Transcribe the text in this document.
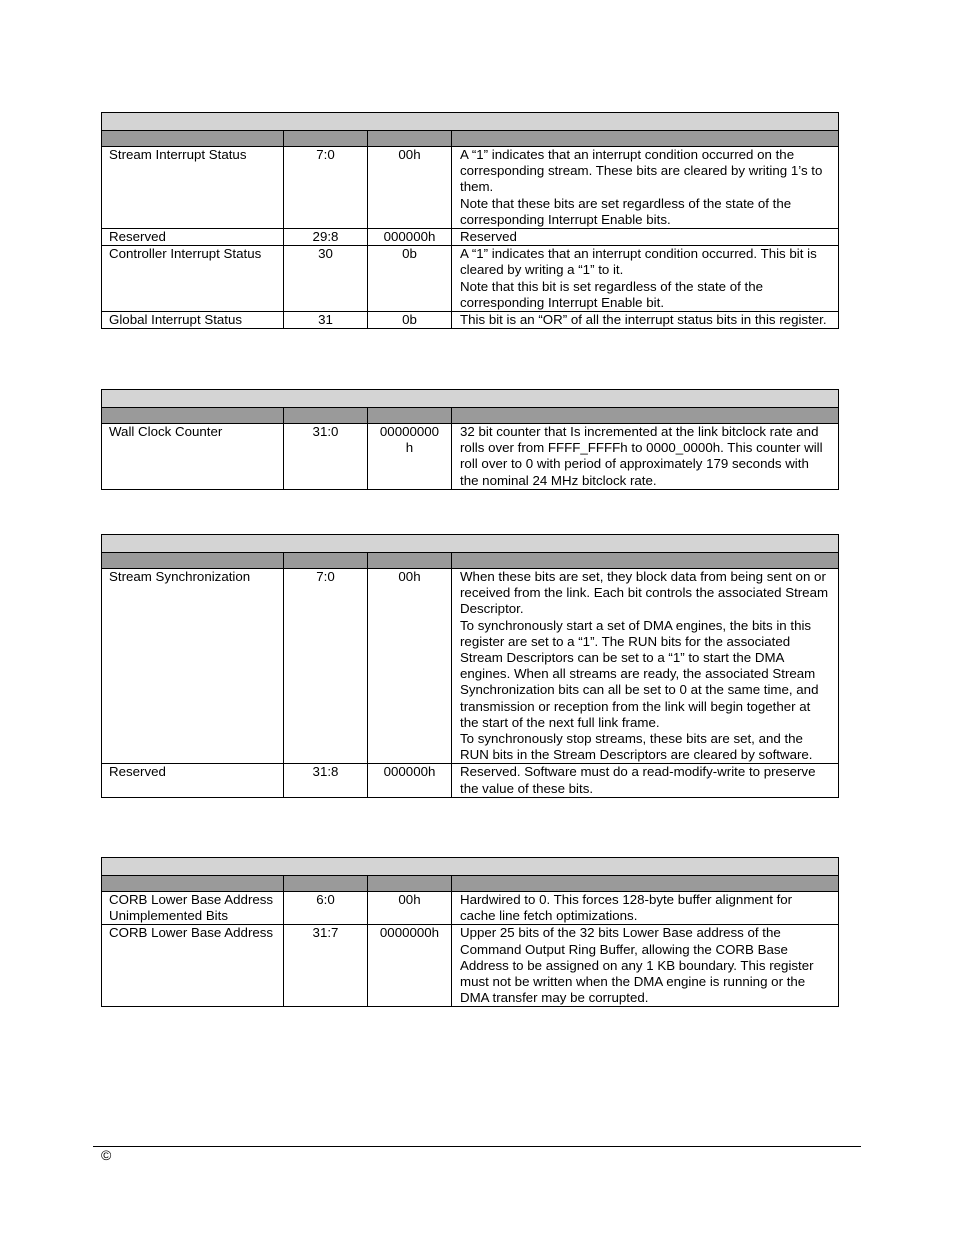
Stream Interrupt Status	7:0	00h	A “1” indicates that an interrupt condition occurred on the corresponding stream. These bits are cleared by writing 1’s to them.
Note that these bits are set regardless of the state of the corresponding Interrupt Enable bits.

Reserved	29:8	000000h	Reserved

Controller Interrupt Status	30	0b	A “1” indicates that an interrupt condition occurred. This bit is cleared by writing a “1” to it.
Note that this bit is set regardless of the state of the corresponding Interrupt Enable bit.

Global Interrupt Status	31	0b	This bit is an “OR” of all the interrupt status bits in this register.

Wall Clock Counter	31:0	00000000 h	32 bit counter that Is incremented at the link bitclock rate and rolls over from FFFF_FFFFh to 0000_0000h. This counter will roll over to 0 with period of approximately 179 seconds with the nominal 24 MHz bitclock rate.

Stream Synchronization	7:0	00h	When these bits are set, they block data from being sent on or received from the link. Each bit controls the associated Stream Descriptor.
To synchronously start a set of DMA engines, the bits in this register are set to a “1”. The RUN bits for the associated Stream Descriptors can be set to a “1” to start the DMA engines. When all streams are ready, the associated Stream Synchronization bits can all be set to 0 at the same time, and transmission or reception from the link will begin together at the start of the next full link frame.
To synchronously stop streams, these bits are set, and the RUN bits in the Stream Descriptors are cleared by software.

Reserved	31:8	000000h	Reserved. Software must do a read-modify-write to preserve the value of these bits.

CORB Lower Base Address Unimplemented Bits	6:0	00h	Hardwired to 0. This forces 128-byte buffer alignment for cache line fetch optimizations.

CORB Lower Base Address	31:7	0000000h	Upper 25 bits of the 32 bits Lower Base address of the Command Output Ring Buffer, allowing the CORB Base Address to be assigned on any 1 KB boundary. This register must not be written when the DMA engine is running or the DMA transfer may be corrupted.
©
